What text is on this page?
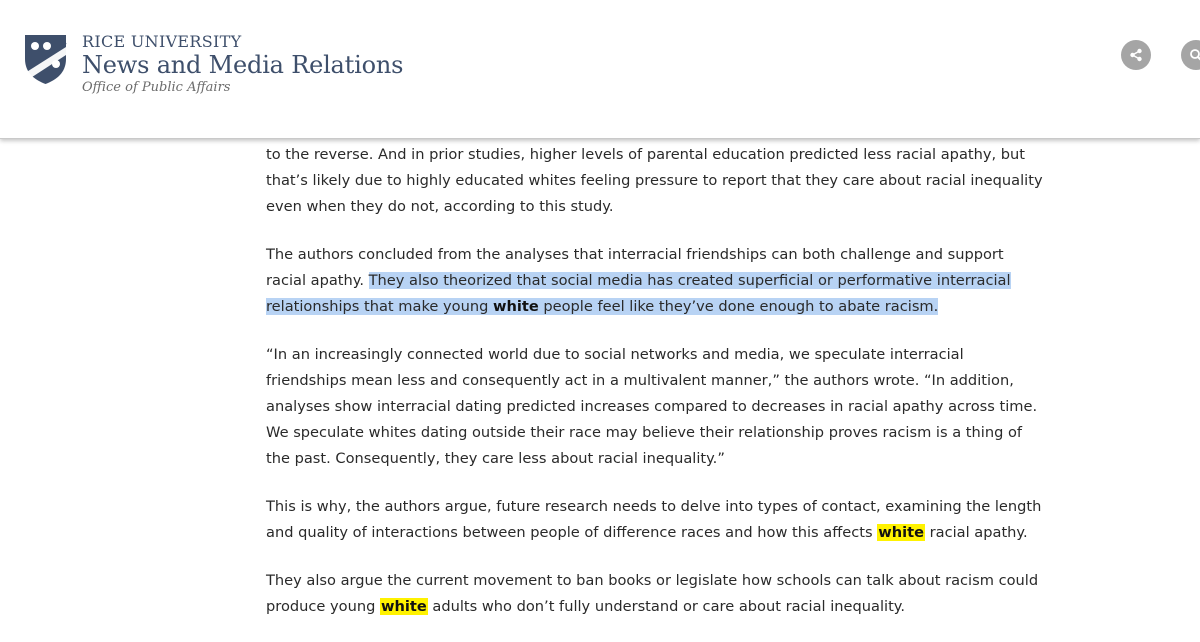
RICE UNIVERSITY
News and Media Relations
Office of Public Affairs

to the reverse. And in prior studies, higher levels of parental education predicted less racial apathy, but that’s likely due to highly educated whites feeling pressure to report that they care about racial inequality even when they do not, according to this study.

The authors concluded from the analyses that interracial friendships can both challenge and support racial apathy. They also theorized that social media has created superficial or performative interracial relationships that make young white people feel like they’ve done enough to abate racism.

“In an increasingly connected world due to social networks and media, we speculate interracial friendships mean less and consequently act in a multivalent manner,” the authors wrote. “In addition, analyses show interracial dating predicted increases compared to decreases in racial apathy across time. We speculate whites dating outside their race may believe their relationship proves racism is a thing of the past. Consequently, they care less about racial inequality.”

This is why, the authors argue, future research needs to delve into types of contact, examining the length and quality of interactions between people of difference races and how this affects white racial apathy.

They also argue the current movement to ban books or legislate how schools can talk about racism could produce young white adults who don’t fully understand or care about racial inequality.
